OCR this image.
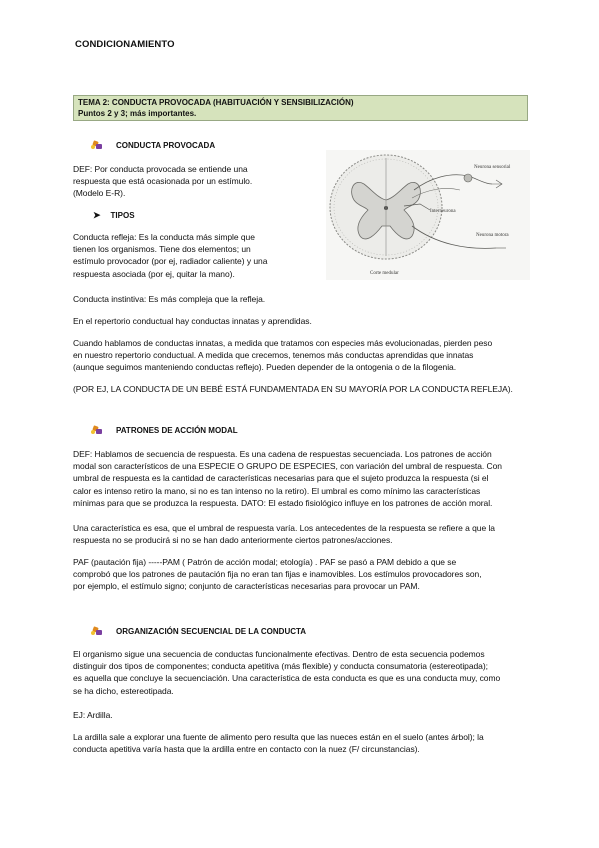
CONDICIONAMIENTO
TEMA 2: CONDUCTA PROVOCADA (HABITUACIÓN Y SENSIBILIZACIÓN)
Puntos 2 y 3; más importantes.
CONDUCTA PROVOCADA
DEF: Por conducta provocada se entiende una
respuesta que está ocasionada por un estímulo.
(Modelo E-R).
➤ TIPOS
Conducta refleja: Es la conducta más simple que
tienen los organismos. Tiene dos elementos; un
estímulo provocador (por ej, radiador caliente) y una
respuesta asociada (por ej, quitar la mano).
Conducta instintiva: Es más compleja que la refleja.
En el repertorio conductual hay conductas innatas y aprendidas.
Cuando hablamos de conductas innatas, a medida que tratamos con especies más evolucionadas, pierden peso
en nuestro repertorio conductual. A medida que crecemos, tenemos más conductas aprendidas que innatas
(aunque seguimos manteniendo conductas reflejo). Pueden depender de la ontogenia o de la filogenia.
(POR EJ, LA CONDUCTA DE UN BEBÉ ESTÁ FUNDAMENTADA EN SU MAYORÍA POR LA CONDUCTA REFLEJA).
Neurona sensorial
Interneurona
Neurona motora
Corte medular
PATRONES DE ACCIÓN MODAL
DEF: Hablamos de secuencia de respuesta. Es una cadena de respuestas secuenciada. Los patrones de acción
modal son característicos de una ESPECIE O GRUPO DE ESPECIES, con variación del umbral de respuesta. Con
umbral de respuesta es la cantidad de características necesarias para que el sujeto produzca la respuesta (si el
calor es intenso retiro la mano, si no es tan intenso no la retiro). El umbral es como mínimo las características
mínimas para que se produzca la respuesta. DATO: El estado fisiológico influye en los patrones de acción moral.
Una característica es esa, que el umbral de respuesta varía. Los antecedentes de la respuesta se refiere a que la
respuesta no se producirá si no se han dado anteriormente ciertos patrones/acciones.
PAF (pautación fija) -----PAM ( Patrón de acción modal; etología) . PAF se pasó a PAM debido a que se
comprobó que los patrones de pautación fija no eran tan fijas e inamovibles. Los estímulos provocadores son,
por ejemplo, el estímulo signo; conjunto de características necesarias para provocar un PAM.
ORGANIZACIÓN SECUENCIAL DE LA CONDUCTA
El organismo sigue una secuencia de conductas funcionalmente efectivas. Dentro de esta secuencia podemos
distinguir dos tipos de componentes; conducta apetitiva (más flexible) y conducta consumatoria (estereotipada);
es aquella que concluye la secuenciación. Una característica de esta conducta es que es una conducta muy, como
se ha dicho, estereotipada.
EJ: Ardilla.
La ardilla sale a explorar una fuente de alimento pero resulta que las nueces están en el suelo (antes árbol); la
conducta apetitiva varía hasta que la ardilla entre en contacto con la nuez (F/ circunstancias).
